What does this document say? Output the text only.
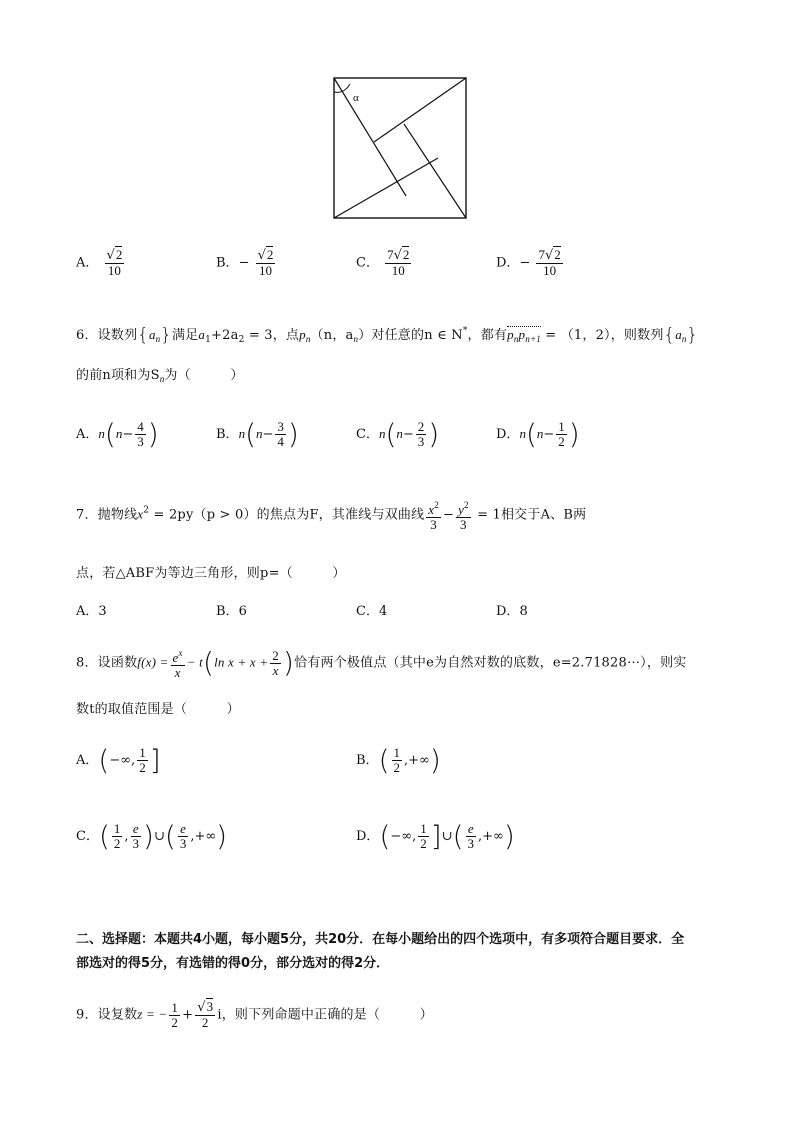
α
A． $\frac{√2}{10}$	B．− $\frac{√2}{10}$	C． $\frac{7√2}{10}$	D．− $\frac{7√2}{10}$
6．设数列$\{a_n\}$满足$a_1+2a_2 = 3$，点$p_n(n$，$a_n$）对任意的n ∈ N*，都有$p_np_{n+1} = (1$，2），则数列$\{a_n\}$
的前n项和为$S_n$为（　　　）
A．$n(n- \frac{4}{3}$ )	B．$n(n- \frac{3}{4}$ )	C．$n(n- \frac{2}{3}$ )	D．$n(n- \frac{1}{2}$ )
7．抛物线$x^2 = 2py(p > 0)$的焦点为F，其准线与双曲线 $\frac{x^2}{3} - \frac{y^2}{3} = 1$相交于A、B两
点，若△ABF为等边三角形，则p=（　　　）
A．3	B．6	C．4	D．8
8．设函数$f(x) = \frac{e^x}{x} - t(\ln$ $x + x + \frac{2}{x}$ )恰有两个极值点（其中e为自然对数的底数，e=2.71828⋯），则实
数t的取值范围是（　　　）
A．(−∞, $\frac{1}{2}$ ]	B．( $\frac{1}{2}$ ,+∞)
C．( $\frac{1}{2}$ , $\frac{e}{3}$ )∪( $\frac{e}{3}$ ,+∞)	D．(−∞, $\frac{1}{2}$ ]∪( $\frac{e}{3}$ ,+∞)
二、选择题：本题共4小题，每小题5分，共20分．在每小题给出的四个选项中，有多项符合题目要求．全
部选对的得5分，有选错的得0分，部分选对的得2分．
9．设复数z = − $\frac{1}{2} + \frac{√3}{2}$ i，则下列命题中正确的是（　　　）
